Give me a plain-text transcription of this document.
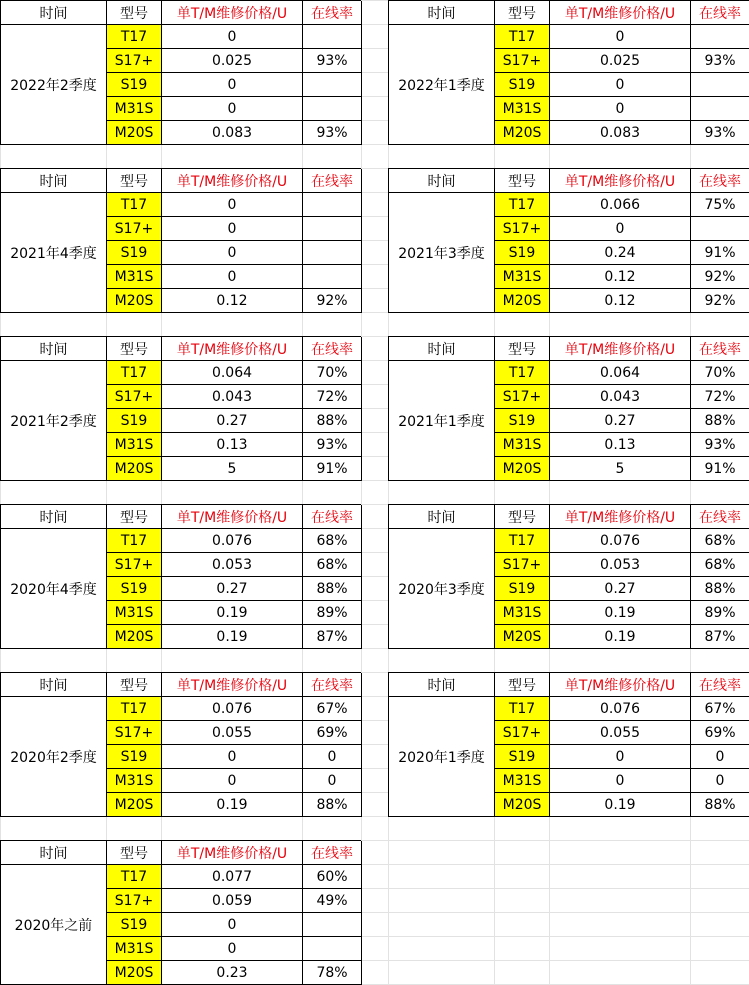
时间	型号	单T/M维修价格/U	在线率
2022年2季度
T17	0
S17+	0.025	93%
S19	0
M31S	0
M20S	0.083	93%
时间	型号	单T/M维修价格/U	在线率
2022年1季度
T17	0
S17+	0.025	93%
S19	0
M31S	0
M20S	0.083	93%
时间	型号	单T/M维修价格/U	在线率
2021年4季度
T17	0
S17+	0
S19	0
M31S	0
M20S	0.12	92%
时间	型号	单T/M维修价格/U	在线率
2021年3季度
T17	0.066	75%
S17+	0
S19	0.24	91%
M31S	0.12	92%
M20S	0.12	92%
时间	型号	单T/M维修价格/U	在线率
2021年2季度
T17	0.064	70%
S17+	0.043	72%
S19	0.27	88%
M31S	0.13	93%
M20S	5	91%
时间	型号	单T/M维修价格/U	在线率
2021年1季度
T17	0.064	70%
S17+	0.043	72%
S19	0.27	88%
M31S	0.13	93%
M20S	5	91%
时间	型号	单T/M维修价格/U	在线率
2020年4季度
T17	0.076	68%
S17+	0.053	68%
S19	0.27	88%
M31S	0.19	89%
M20S	0.19	87%
时间	型号	单T/M维修价格/U	在线率
2020年3季度
T17	0.076	68%
S17+	0.053	68%
S19	0.27	88%
M31S	0.19	89%
M20S	0.19	87%
时间	型号	单T/M维修价格/U	在线率
2020年2季度
T17	0.076	67%
S17+	0.055	69%
S19	0	0
M31S	0	0
M20S	0.19	88%
时间	型号	单T/M维修价格/U	在线率
2020年1季度
T17	0.076	67%
S17+	0.055	69%
S19	0	0
M31S	0	0
M20S	0.19	88%
时间	型号	单T/M维修价格/U	在线率
2020年之前
T17	0.077	60%
S17+	0.059	49%
S19	0
M31S	0
M20S	0.23	78%
